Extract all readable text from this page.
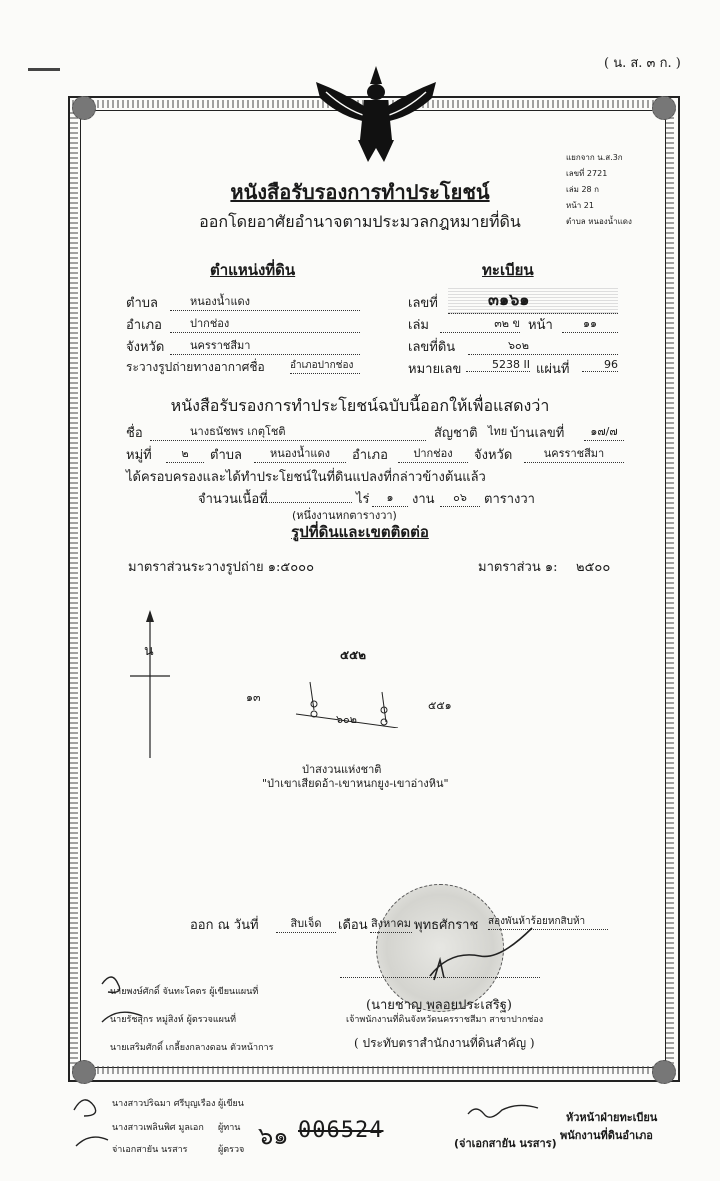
( น. ส. ๓ ก. )
หนังสือรับรองการทำประโยชน์
ออกโดยอาศัยอำนาจตามประมวลกฎหมายที่ดิน
แยกจาก น.ส.3ก
เลขที่ 2721
เล่ม 28 ก
หน้า 21
ตำบล หนองน้ำแดง
ตำแหน่งที่ดิน	ทะเบียน
ตำบล	หนองน้ำแดง
อำเภอ	ปากช่อง
จังหวัด	นครราชสีมา
ระวางรูปถ่ายทางอากาศชื่อ	อำเภอปากช่อง
เลขที่	๓๑๖๑
เล่ม	๓๒ ข หน้า	๑๑
เลขที่ดิน	๖๐๒
หมายเลข	5238 II แผ่นที่	96
หนังสือรับรองการทำประโยชน์ฉบับนี้ออกให้เพื่อแสดงว่า
ชื่อ	นางธนัชพร เกตุโชติ	สัญชาติ ไทย บ้านเลขที่	๑๗/๗
หมู่ที่	๒	ตำบล	หนองน้ำแดง	อำเภอ	ปากช่อง	จังหวัด	นครราชสีมา
ได้ครอบครองและได้ทำประโยชน์ในที่ดินแปลงที่กล่าวข้างต้นแล้ว
จำนวนเนื้อที่	ไร่	๑	งาน	๐๖	ตารางวา
(หนึ่งงานหกตารางวา)
รูปที่ดินและเขตติดต่อ
มาตราส่วนระวางรูปถ่าย ๑:๕๐๐๐	มาตราส่วน ๑: ๒๕๐๐
น	๕๕๒
๑๓
๕๕๑
๖๐๒
ป่าสงวนแห่งชาติ
"ป่าเขาเสียดอ้า-เขาหนกยูง-เขาอ่างหิน"
ออก ณ วันที่	สิบเจ็ด	เดือน สิงหาคม พุทธศักราช สองพันห้าร้อยหกสิบห้า
(นายชาญ พลอยประเสริฐ)
เจ้าพนักงานที่ดินจังหวัดนครราชสีมา สาขาปากช่อง
( ประทับตราสำนักงานที่ดินสำคัญ )
นายพงษ์ศักดิ์ จันทะโคตร ผู้เขียนแผนที่
นายรัชสุกร หมู่สิงห์ ผู้ตรวจแผนที่
นายเสริมศักดิ์ เกลี้ยงกลางดอน ตัวหน้าการ
นางสาวปริฉมา ศรีบุญเรือง ผู้เขียน
นางสาวเพลินพิศ มูลเอก ผู้ทาน
จ่าเอกสายัน นรสาร	ผู้ตรวจ ๖๑ 006524
(จ่าเอกสายัน นรสาร)
หัวหน้าฝ่ายทะเบียน
พนักงานที่ดินอำเภอ
